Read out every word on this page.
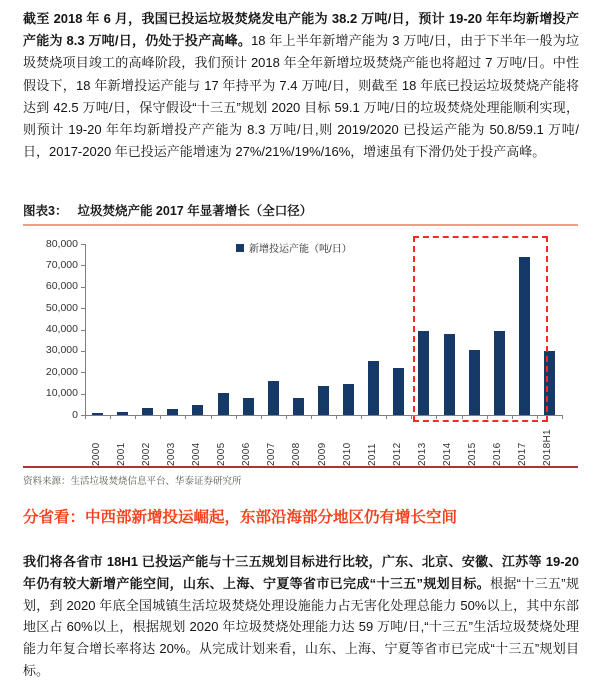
截至 2018 年 6 月，我国已投运垃圾焚烧发电产能为 38.2 万吨/日，预计 19-20 年年均新增投产产能为 8.3 万吨/日，仍处于投产高峰。18 年上半年新增产能为 3 万吨/日，由于下半年一般为垃圾焚烧项目竣工的高峰阶段，我们预计 2018 年全年新增垃圾焚烧产能也将超过 7 万吨/日。中性假设下，18 年新增投运产能与 17 年持平为 7.4 万吨/日，则截至 18 年底已投运垃圾焚烧产能将达到 42.5 万吨/日，保守假设“十三五”规划 2020 目标 59.1 万吨/日的垃圾焚烧处理能顺利实现，则预计 19-20 年年均新增投产产能为 8.3 万吨/日,则 2019/2020 已投运产能为 50.8/59.1 万吨/日，2017-2020 年已投运产能增速为 27%/21%/19%/16%，增速虽有下滑仍处于投产高峰。

图表3： 垃圾焚烧产能 2017 年显著增长（全口径）
新增投运产能（吨/日）
80,000
70,000
60,000
50,000
40,000
30,000
20,000
10,000
0
2000 2001 2002 2003 2004 2005 2006 2007 2008 2009 2010 2011 2012 2013 2014 2015 2016 2017 2018H1
资料来源：生活垃圾焚烧信息平台、华泰证券研究所
分省看：中西部新增投运崛起，东部沿海部分地区仍有增长空间

我们将各省市 18H1 已投运产能与十三五规划目标进行比较，广东、北京、安徽、江苏等 19-20 年仍有较大新增产能空间，山东、上海、宁夏等省市已完成“十三五”规划目标。根据“十三五”规划，到 2020 年底全国城镇生活垃圾焚烧处理设施能力占无害化处理总能力 50%以上，其中东部地区占 60%以上，根据规划 2020 年垃圾焚烧处理能力达 59 万吨/日,“十三五”生活垃圾焚烧处理能力年复合增长率将达 20%。从完成计划来看，山东、上海、宁夏等省市已完成“十三五”规划目标。
